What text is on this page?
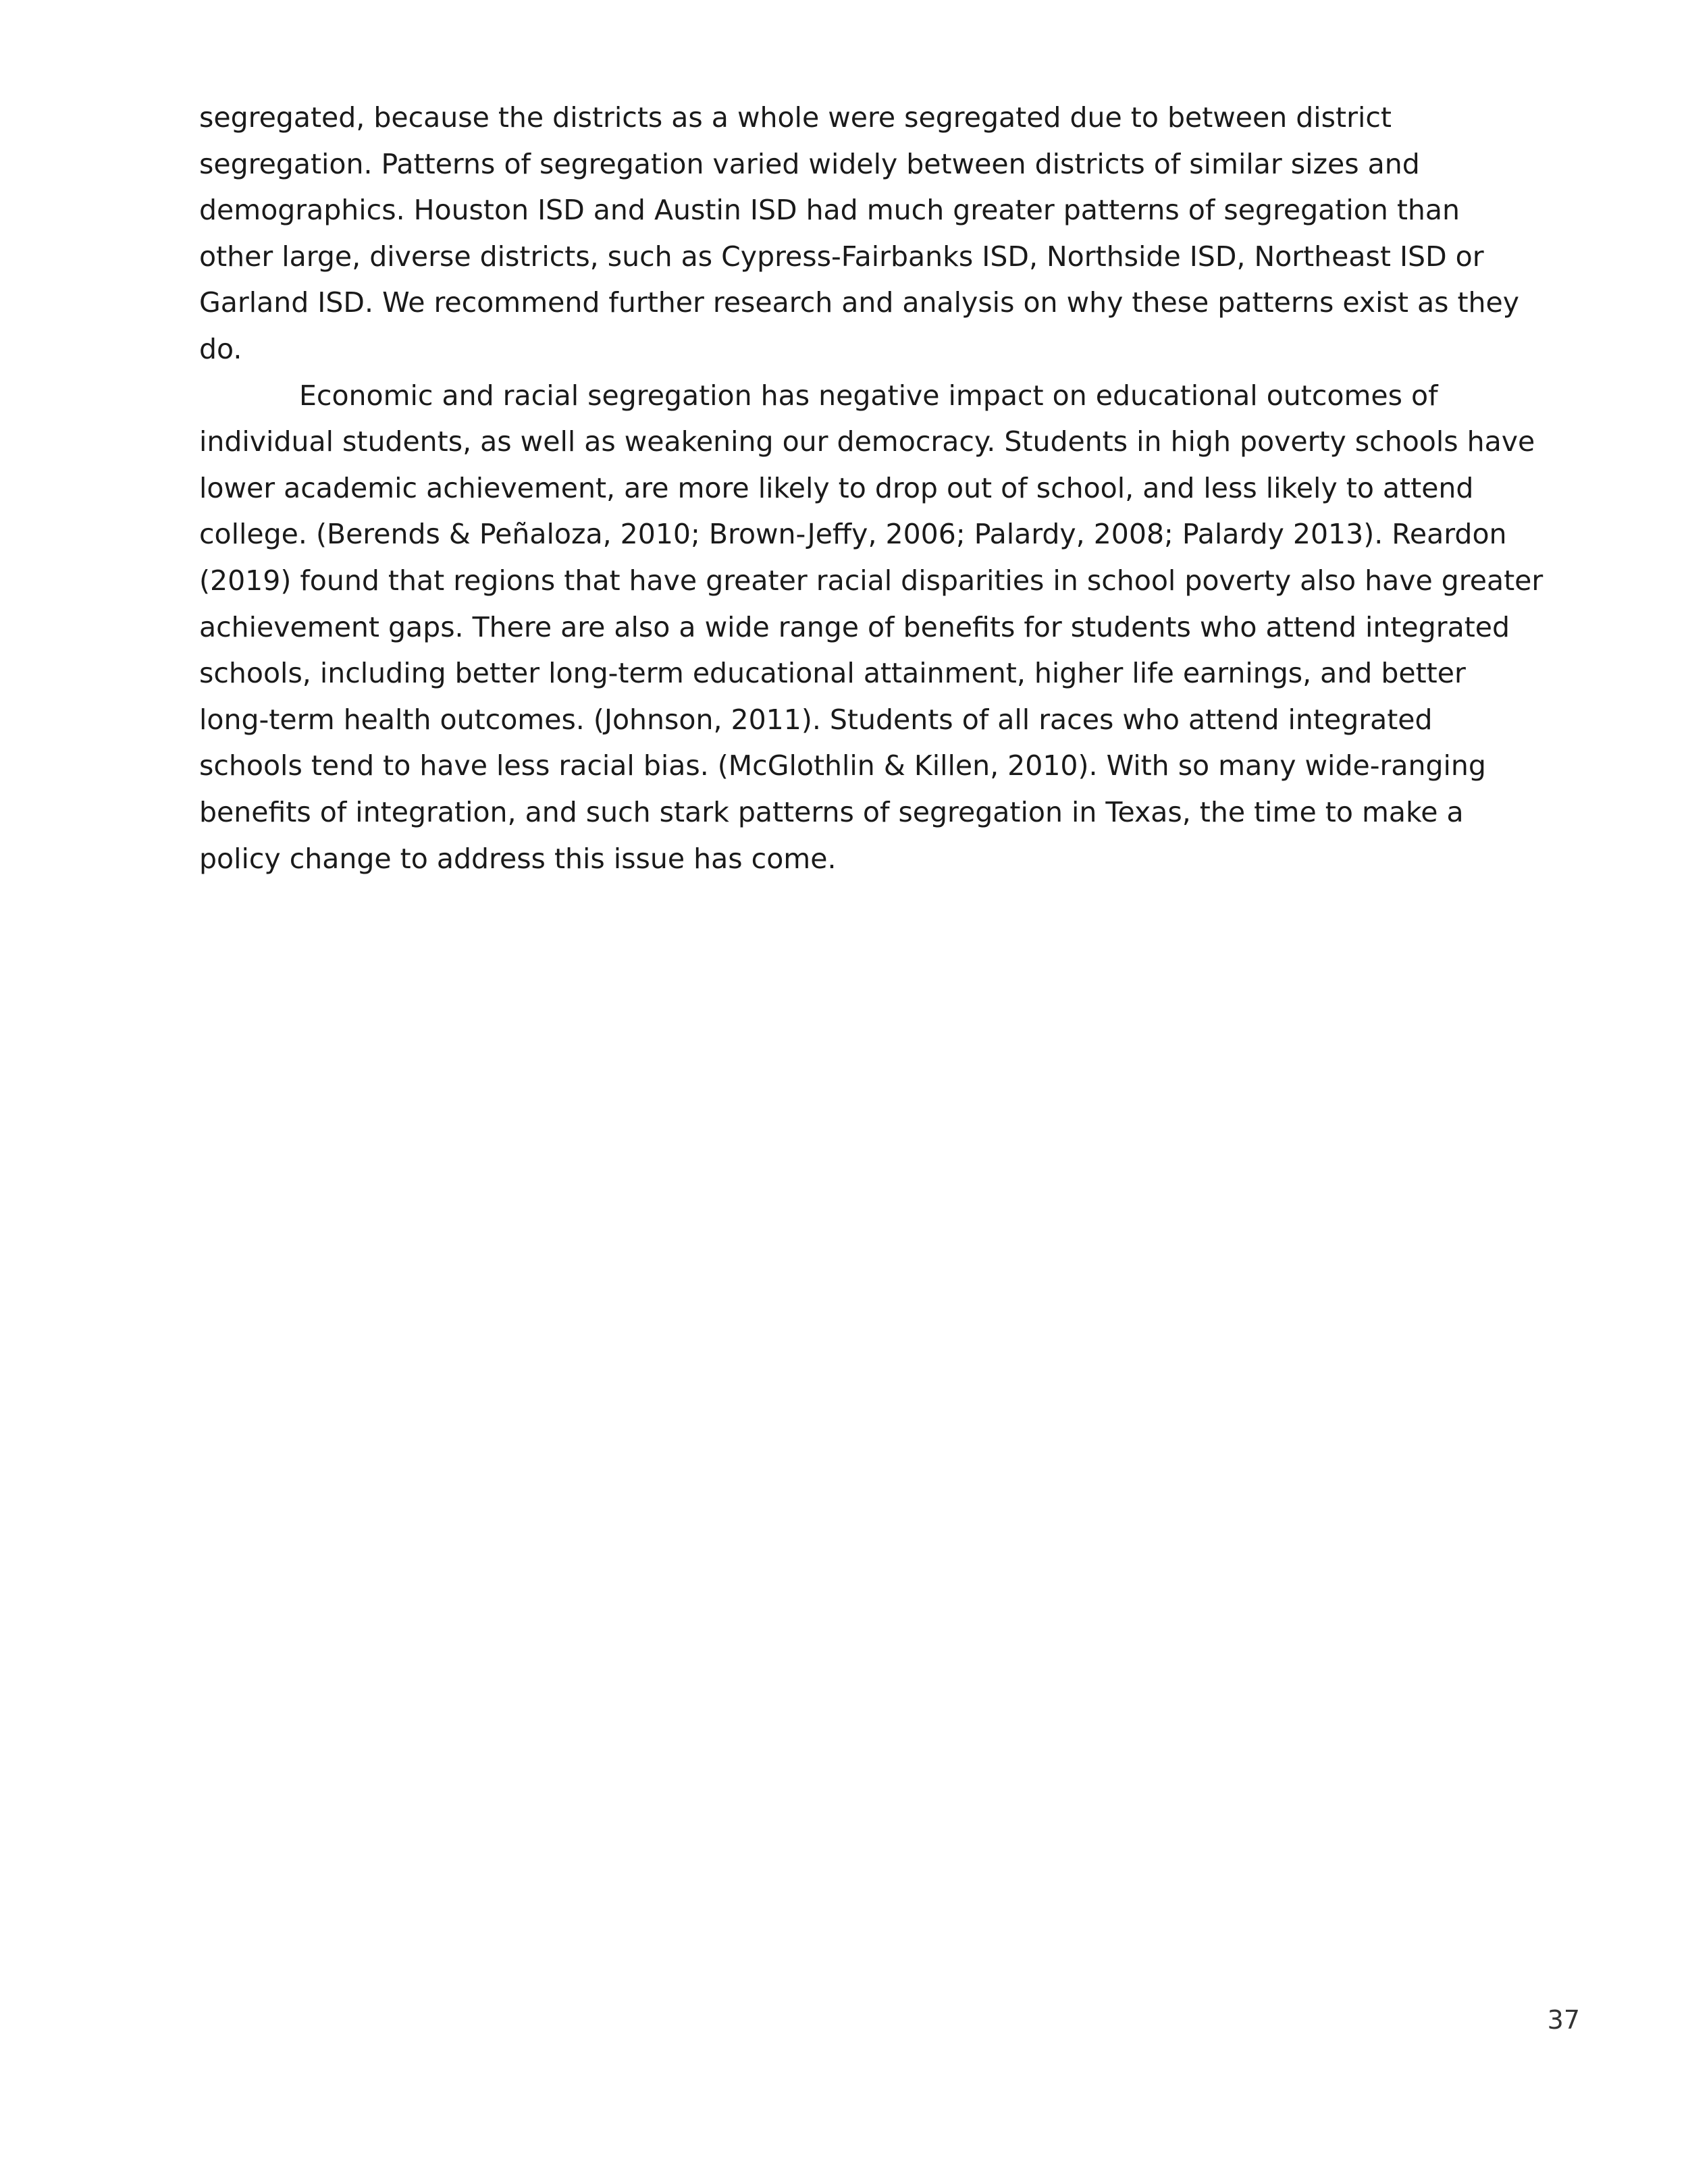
segregated, because the districts as a whole were segregated due to between district
segregation. Patterns of segregation varied widely between districts of similar sizes and
demographics. Houston ISD and Austin ISD had much greater patterns of segregation than
other large, diverse districts, such as Cypress-Fairbanks ISD, Northside ISD, Northeast ISD or
Garland ISD. We recommend further research and analysis on why these patterns exist as they
do.
Economic and racial segregation has negative impact on educational outcomes of
individual students, as well as weakening our democracy. Students in high poverty schools have
lower academic achievement, are more likely to drop out of school, and less likely to attend
college. (Berends & Peñaloza, 2010; Brown-Jeffy, 2006; Palardy, 2008; Palardy 2013). Reardon
(2019) found that regions that have greater racial disparities in school poverty also have greater
achievement gaps. There are also a wide range of benefits for students who attend integrated
schools, including better long-term educational attainment, higher life earnings, and better
long-term health outcomes. (Johnson, 2011). Students of all races who attend integrated
schools tend to have less racial bias. (McGlothlin & Killen, 2010). With so many wide-ranging
benefits of integration, and such stark patterns of segregation in Texas, the time to make a
policy change to address this issue has come.
37
